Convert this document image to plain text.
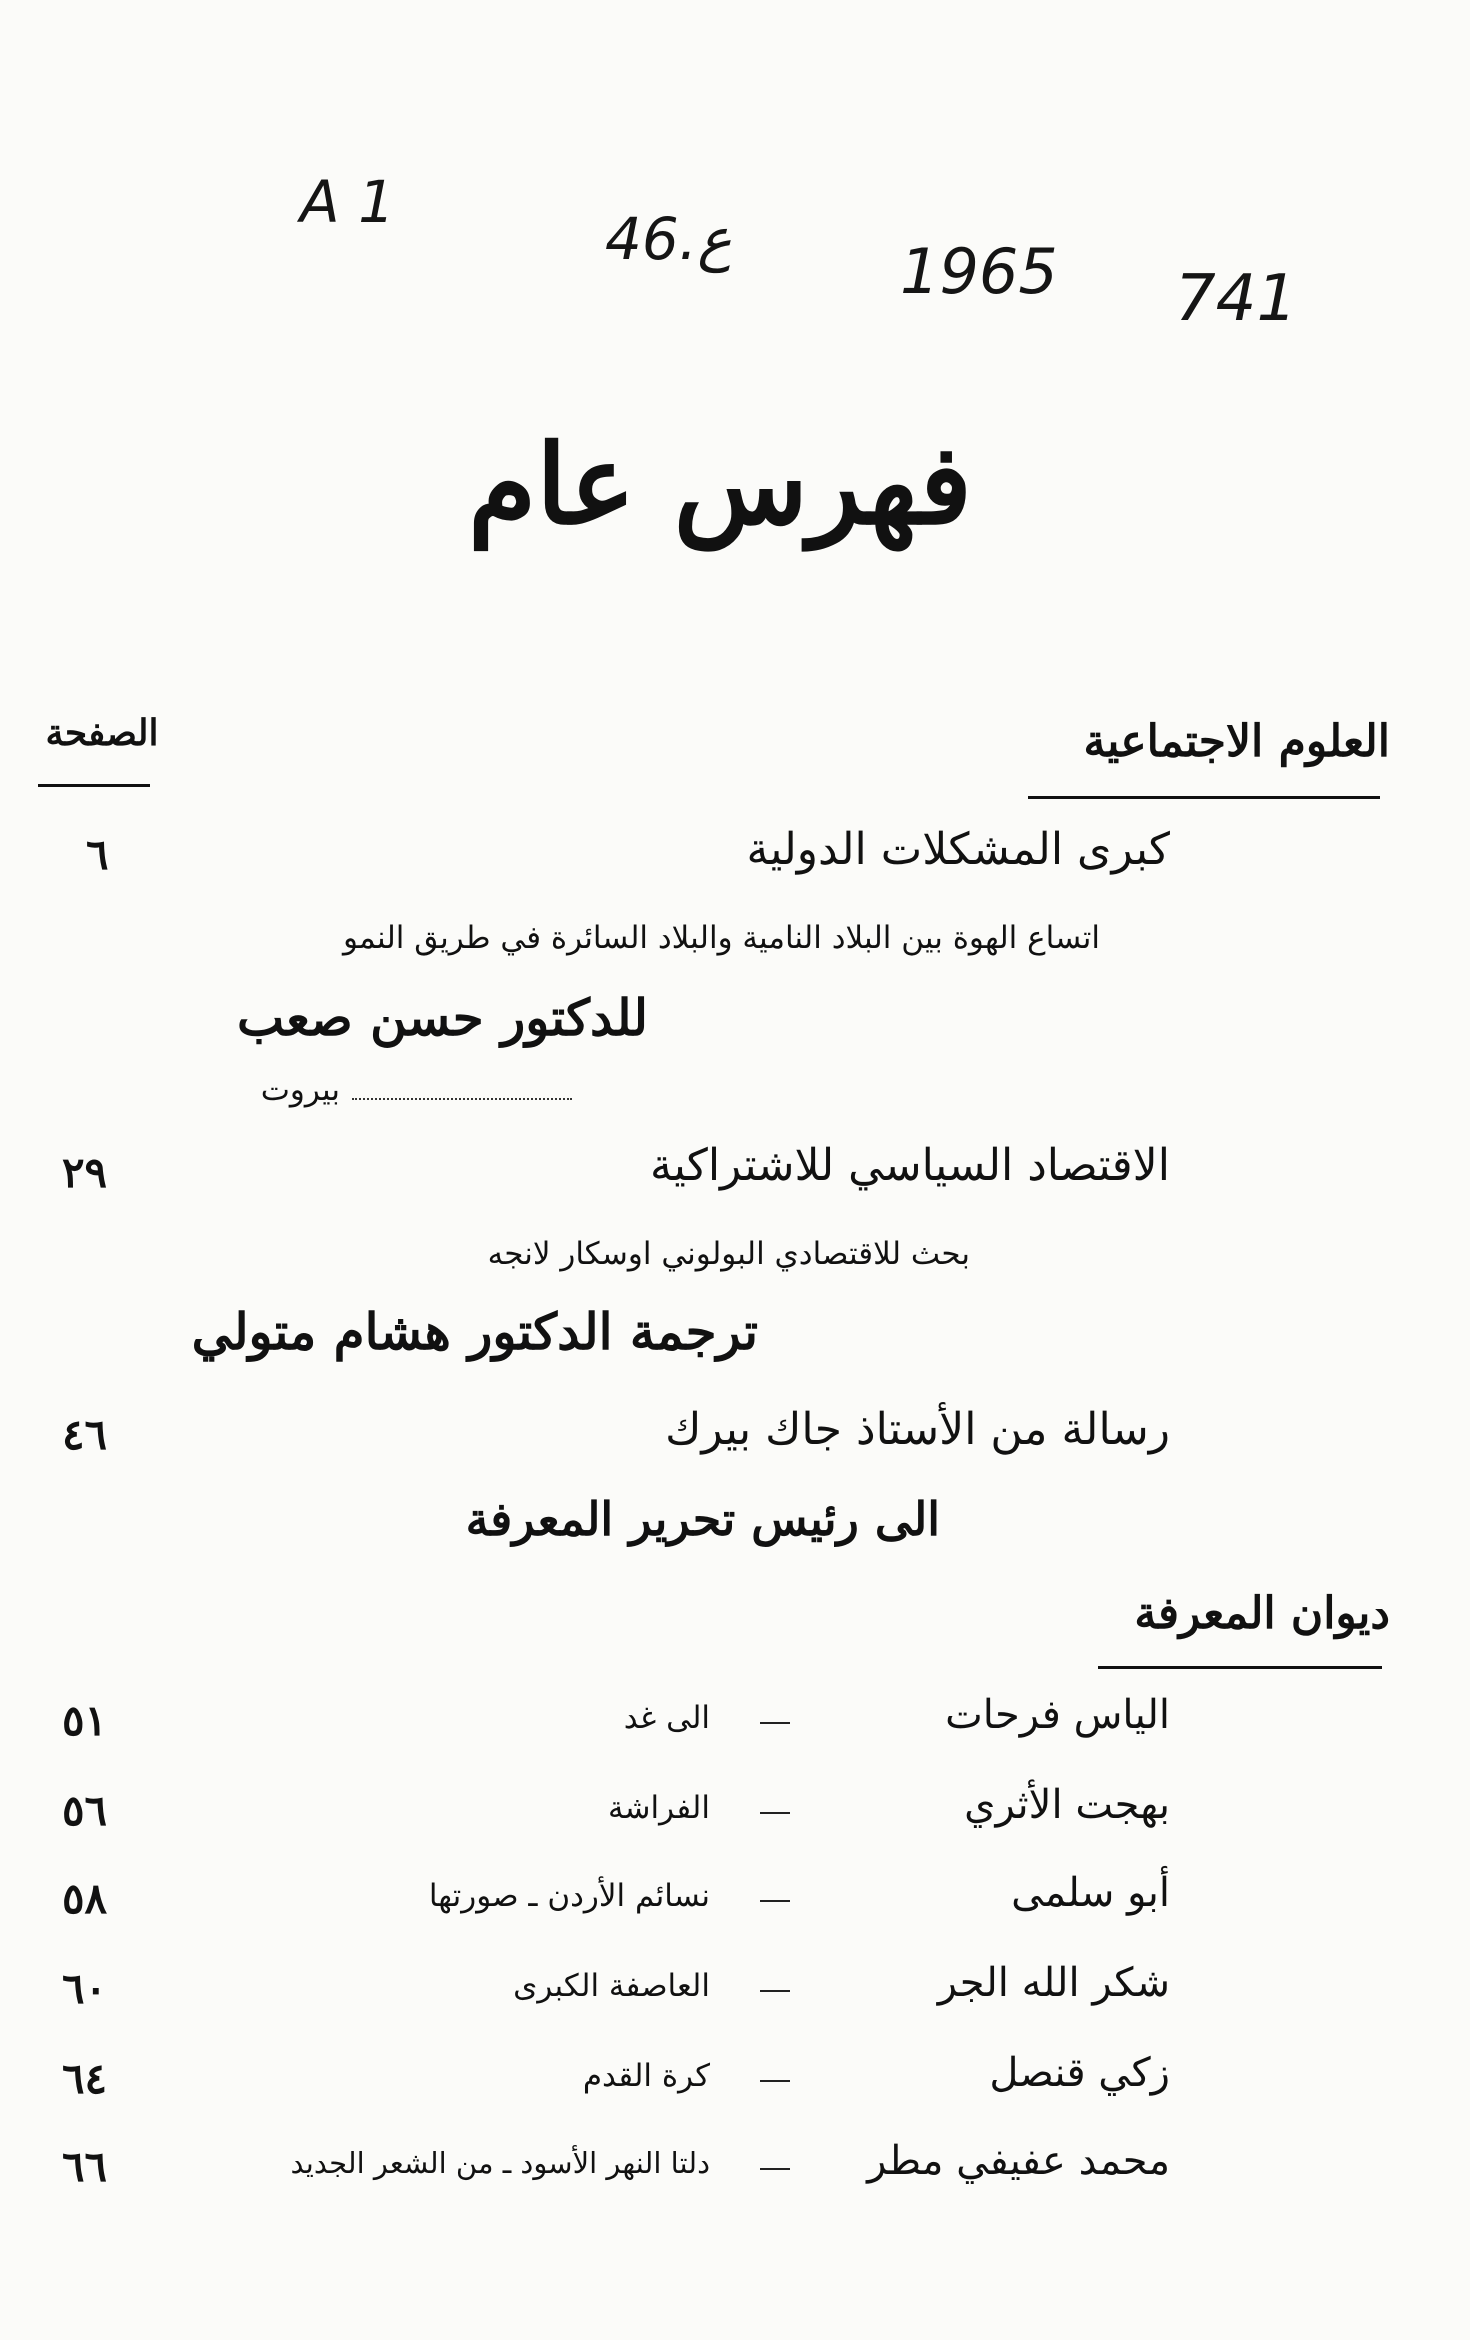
A 1
46.ع	1965 741
فهرس عام
الصفحة	العلوم الاجتماعية
كبرى المشكلات الدولية
٦
اتساع الهوة بين البلاد النامية والبلاد السائرة في طريق النمو
للدكتور حسن صعب
بيروت
الاقتصاد السياسي للاشتراكية
٢٩
بحث للاقتصادي البولوني اوسكار لانجه
ترجمة الدكتور هشام متولي
رسالة من الأستاذ جاك بيرك
٤٦
الى رئيس تحرير المعرفة
ديوان المعرفة
الياس فرحات
الى غد
٥١
بهجت الأثري
الفراشة
٥٦
أبو سلمى
نسائم الأردن ـ صورتها
٥٨
شكر الله الجر
العاصفة الكبرى
٦٠
زكي قنصل
كرة القدم
٦٤
محمد عفيفي مطر
دلتا النهر الأسود ـ من الشعر الجديد
٦٦
